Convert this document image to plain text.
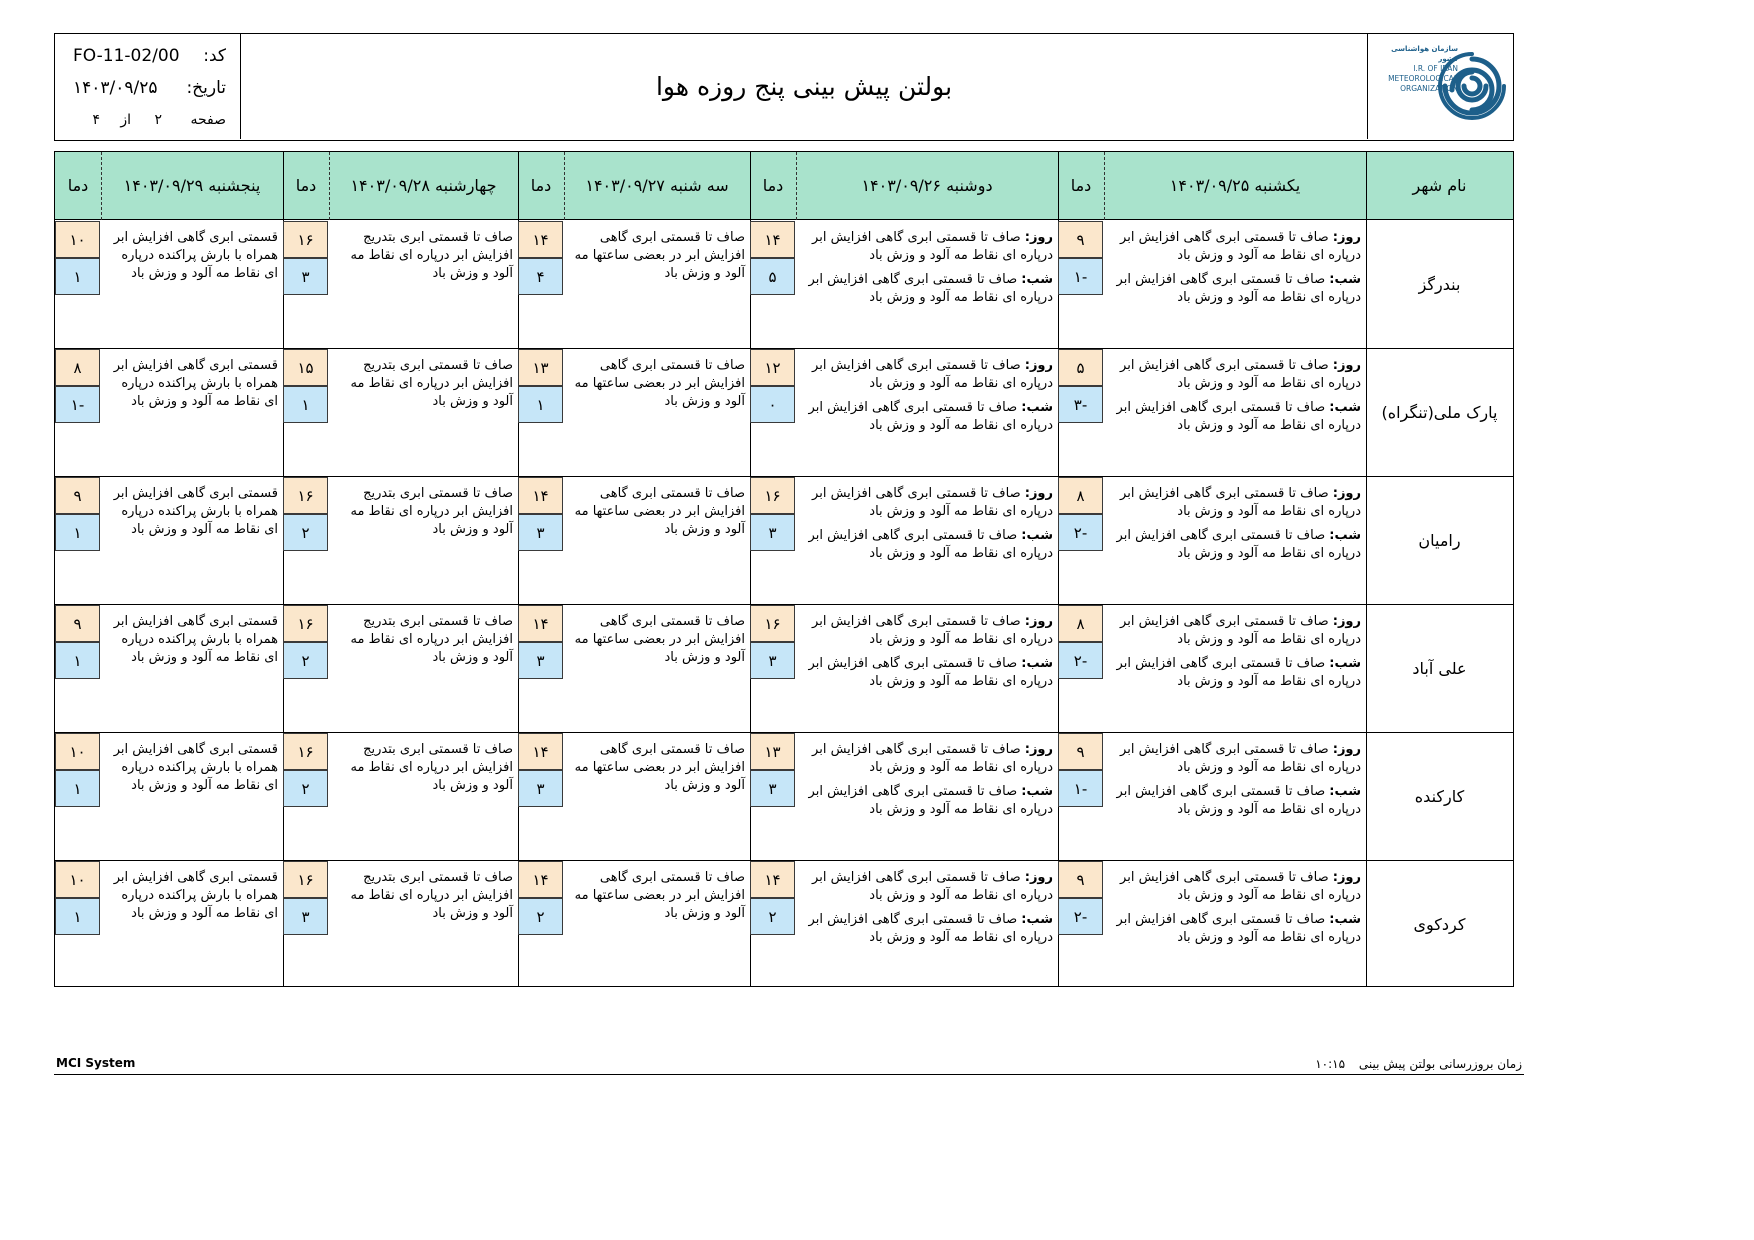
FO-11-02/00 کد:
۱۴۰۳/۰۹/۲۵ تاریخ:
صفحه
۲
از
۴
بولتن پیش بینی پنج روزه هوا
سازمان هواشناسی کشور
I.R. OF IRAN
METEOROLOGICAL
ORGANIZATION
نام شهر
یکشنبه ۱۴۰۳/۰۹/۲۵
دما
دوشنبه ۱۴۰۳/۰۹/۲۶
دما
سه شنبه ۱۴۰۳/۰۹/۲۷
دما
چهارشنبه ۱۴۰۳/۰۹/۲۸
دما
پنجشنبه ۱۴۰۳/۰۹/۲۹
دما
بندرگز
روز: صاف تا قسمتی ابری گاهی افزایش ابر درپاره ای نقاط مه آلود و وزش باد
شب: صاف تا قسمتی ابری گاهی افزایش ابر درپاره ای نقاط مه آلود و وزش باد
۹
-۱
روز: صاف تا قسمتی ابری گاهی افزایش ابر درپاره ای نقاط مه آلود و وزش باد
شب: صاف تا قسمتی ابری گاهی افزایش ابر درپاره ای نقاط مه آلود و وزش باد
۱۴
۵
صاف تا قسمتی ابری گاهی افزایش ابر در بعضی ساعتها مه آلود و وزش باد
۱۴
۴
صاف تا قسمتی ابری بتدریج افزایش ابر درپاره ای نقاط مه آلود و وزش باد
۱۶
۳
قسمتی ابری گاهی افزایش ابر همراه با بارش پراکنده درپاره ای نقاط مه آلود و وزش باد
۱۰
۱
پارک ملی(تنگراه)
روز: صاف تا قسمتی ابری گاهی افزایش ابر درپاره ای نقاط مه آلود و وزش باد
شب: صاف تا قسمتی ابری گاهی افزایش ابر درپاره ای نقاط مه آلود و وزش باد
۵
-۳
روز: صاف تا قسمتی ابری گاهی افزایش ابر درپاره ای نقاط مه آلود و وزش باد
شب: صاف تا قسمتی ابری گاهی افزایش ابر درپاره ای نقاط مه آلود و وزش باد
۱۲
۰
صاف تا قسمتی ابری گاهی افزایش ابر در بعضی ساعتها مه آلود و وزش باد
۱۳
۱
صاف تا قسمتی ابری بتدریج افزایش ابر درپاره ای نقاط مه آلود و وزش باد
۱۵
۱
قسمتی ابری گاهی افزایش ابر همراه با بارش پراکنده درپاره ای نقاط مه آلود و وزش باد
۸
-۱
رامیان
روز: صاف تا قسمتی ابری گاهی افزایش ابر درپاره ای نقاط مه آلود و وزش باد
شب: صاف تا قسمتی ابری گاهی افزایش ابر درپاره ای نقاط مه آلود و وزش باد
۸
-۲
روز: صاف تا قسمتی ابری گاهی افزایش ابر درپاره ای نقاط مه آلود و وزش باد
شب: صاف تا قسمتی ابری گاهی افزایش ابر درپاره ای نقاط مه آلود و وزش باد
۱۶
۳
صاف تا قسمتی ابری گاهی افزایش ابر در بعضی ساعتها مه آلود و وزش باد
۱۴
۳
صاف تا قسمتی ابری بتدریج افزایش ابر درپاره ای نقاط مه آلود و وزش باد
۱۶
۲
قسمتی ابری گاهی افزایش ابر همراه با بارش پراکنده درپاره ای نقاط مه آلود و وزش باد
۹
۱
علی آباد
روز: صاف تا قسمتی ابری گاهی افزایش ابر درپاره ای نقاط مه آلود و وزش باد
شب: صاف تا قسمتی ابری گاهی افزایش ابر درپاره ای نقاط مه آلود و وزش باد
۸
-۲
روز: صاف تا قسمتی ابری گاهی افزایش ابر درپاره ای نقاط مه آلود و وزش باد
شب: صاف تا قسمتی ابری گاهی افزایش ابر درپاره ای نقاط مه آلود و وزش باد
۱۶
۳
صاف تا قسمتی ابری گاهی افزایش ابر در بعضی ساعتها مه آلود و وزش باد
۱۴
۳
صاف تا قسمتی ابری بتدریج افزایش ابر درپاره ای نقاط مه آلود و وزش باد
۱۶
۲
قسمتی ابری گاهی افزایش ابر همراه با بارش پراکنده درپاره ای نقاط مه آلود و وزش باد
۹
۱
کارکنده
روز: صاف تا قسمتی ابری گاهی افزایش ابر درپاره ای نقاط مه آلود و وزش باد
شب: صاف تا قسمتی ابری گاهی افزایش ابر درپاره ای نقاط مه آلود و وزش باد
۹
-۱
روز: صاف تا قسمتی ابری گاهی افزایش ابر درپاره ای نقاط مه آلود و وزش باد
شب: صاف تا قسمتی ابری گاهی افزایش ابر درپاره ای نقاط مه آلود و وزش باد
۱۳
۳
صاف تا قسمتی ابری گاهی افزایش ابر در بعضی ساعتها مه آلود و وزش باد
۱۴
۳
صاف تا قسمتی ابری بتدریج افزایش ابر درپاره ای نقاط مه آلود و وزش باد
۱۶
۲
قسمتی ابری گاهی افزایش ابر همراه با بارش پراکنده درپاره ای نقاط مه آلود و وزش باد
۱۰
۱
کردکوی
روز: صاف تا قسمتی ابری گاهی افزایش ابر درپاره ای نقاط مه آلود و وزش باد
شب: صاف تا قسمتی ابری گاهی افزایش ابر درپاره ای نقاط مه آلود و وزش باد
۹
-۲
روز: صاف تا قسمتی ابری گاهی افزایش ابر درپاره ای نقاط مه آلود و وزش باد
شب: صاف تا قسمتی ابری گاهی افزایش ابر درپاره ای نقاط مه آلود و وزش باد
۱۴
۲
صاف تا قسمتی ابری گاهی افزایش ابر در بعضی ساعتها مه آلود و وزش باد
۱۴
۲
صاف تا قسمتی ابری بتدریج افزایش ابر درپاره ای نقاط مه آلود و وزش باد
۱۶
۳
قسمتی ابری گاهی افزایش ابر همراه با بارش پراکنده درپاره ای نقاط مه آلود و وزش باد
۱۰
۱
MCI System	زمان بروزرسانی بولتن پیش بینی ۱۰:۱۵
